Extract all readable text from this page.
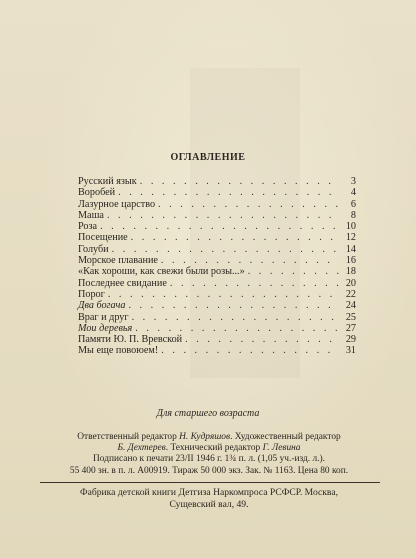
ОГЛАВЛЕНИЕ
Русский язык . . .	3
Воробей . . .	4
Лазурное царство . . .	6
Маша . . .	8
Роза . . .	10
Посещение . . .	12
Голуби . . .	14
Морское плавание . . .	16
«Как хороши, как свежи были розы...» . . .	18
Последнее свидание . . .	20
Порог . . .	22
Два богача . . .	24
Враг и друг . . .	25
Мои деревья . . .	27
Памяти Ю. П. Вревской . . .	29
Мы еще повоюем! . . .	31
Для старшего возраста
Ответственный редактор Н. Кудряшов. Художественный редактор
Б. Дехтерев. Технический редактор Г. Левина
Подписано к печати 23/II 1946 г. 1¾ п. л. (1,05 уч.-изд. л.).
55 400 зн. в п. л. А00919. Тираж 50 000 экз. Зак. № 1163. Цена 80 коп.
Фабрика детской книги Детгиза Наркомпроса РСФСР. Москва,
Сущевский вал, 49.
